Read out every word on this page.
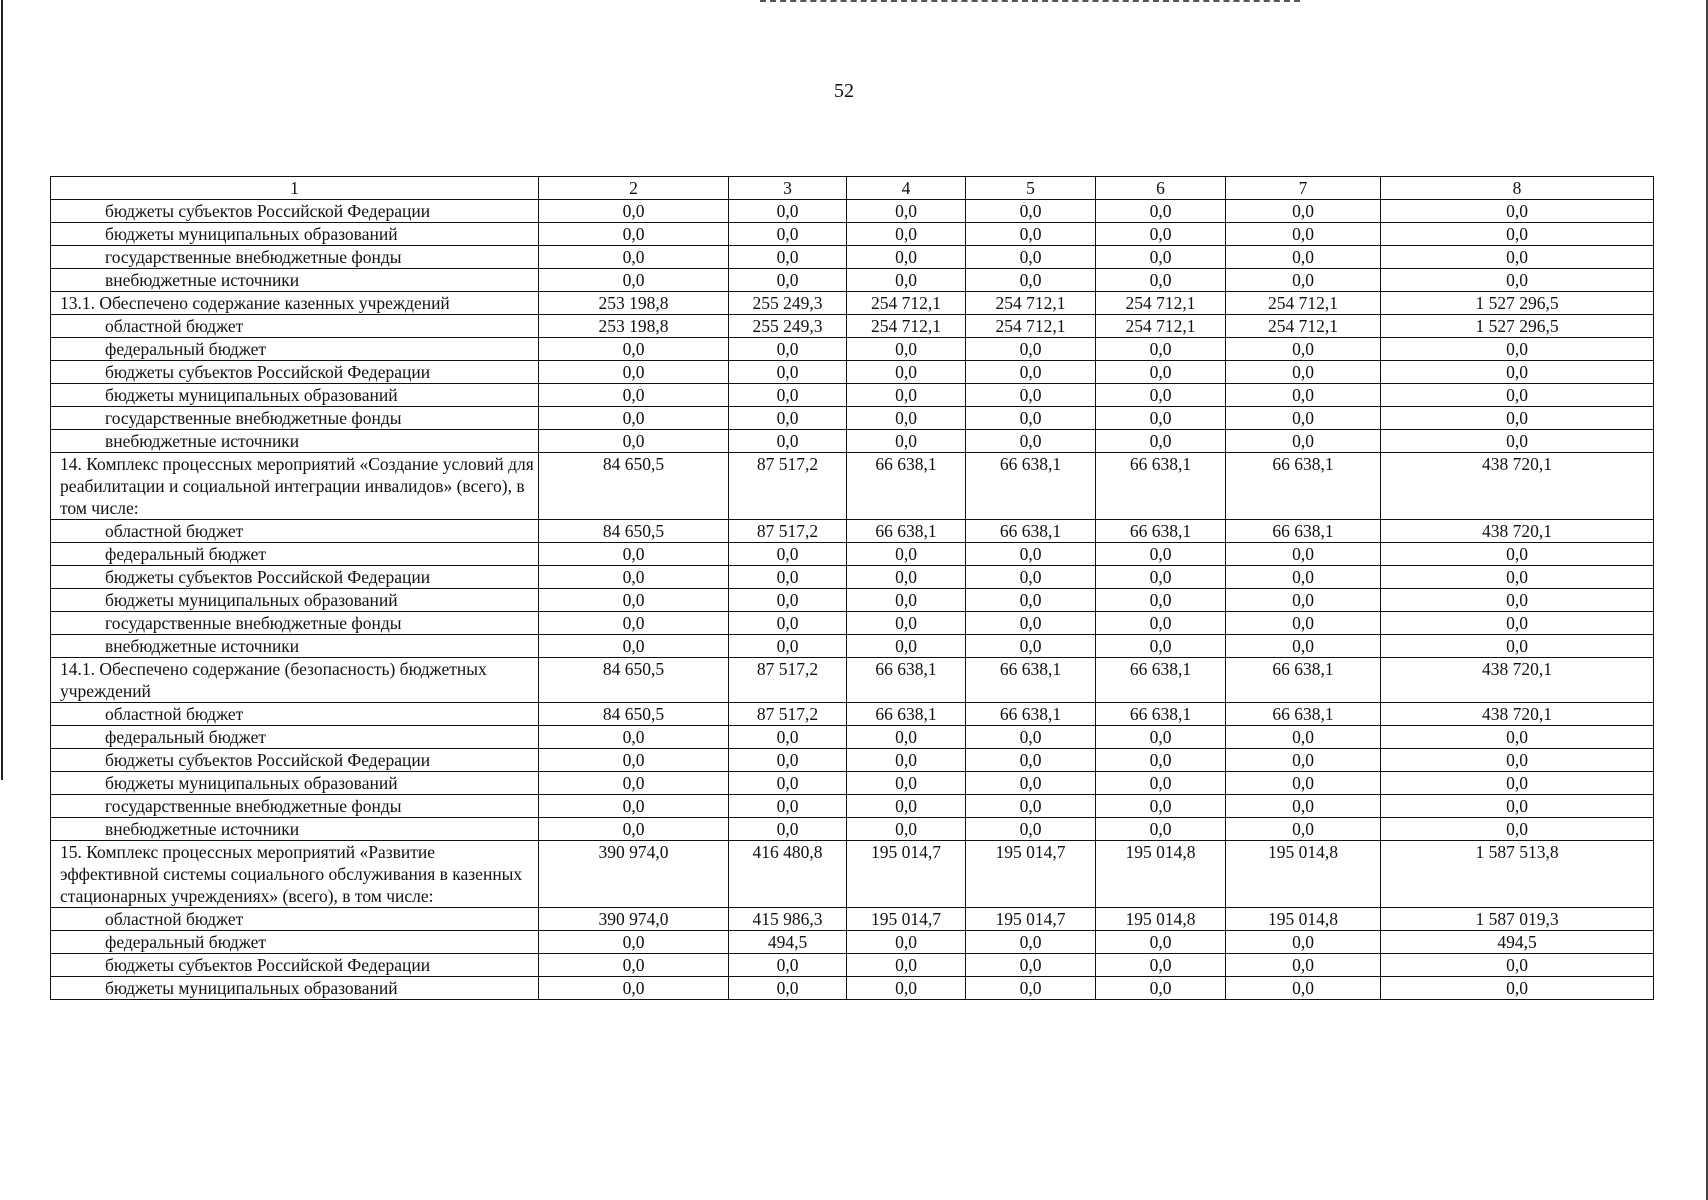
52
1	2	3	4	5	6	7	8
бюджеты субъектов Российской Федерации	0,0	0,0	0,0	0,0	0,0	0,0	0,0
бюджеты муниципальных образований	0,0	0,0	0,0	0,0	0,0	0,0	0,0
государственные внебюджетные фонды	0,0	0,0	0,0	0,0	0,0	0,0	0,0
внебюджетные источники	0,0	0,0	0,0	0,0	0,0	0,0	0,0
13.1. Обеспечено содержание казенных учреждений	253 198,8	255 249,3	254 712,1	254 712,1	254 712,1	254 712,1	1 527 296,5
областной бюджет	253 198,8	255 249,3	254 712,1	254 712,1	254 712,1	254 712,1	1 527 296,5
федеральный бюджет	0,0	0,0	0,0	0,0	0,0	0,0	0,0
бюджеты субъектов Российской Федерации	0,0	0,0	0,0	0,0	0,0	0,0	0,0
бюджеты муниципальных образований	0,0	0,0	0,0	0,0	0,0	0,0	0,0
государственные внебюджетные фонды	0,0	0,0	0,0	0,0	0,0	0,0	0,0
внебюджетные источники	0,0	0,0	0,0	0,0	0,0	0,0	0,0
14. Комплекс процессных мероприятий «Создание условий для реабилитации и социальной интеграции инвалидов» (всего), в том числе:	84 650,5	87 517,2	66 638,1	66 638,1	66 638,1	66 638,1	438 720,1
областной бюджет	84 650,5	87 517,2	66 638,1	66 638,1	66 638,1	66 638,1	438 720,1
федеральный бюджет	0,0	0,0	0,0	0,0	0,0	0,0	0,0
бюджеты субъектов Российской Федерации	0,0	0,0	0,0	0,0	0,0	0,0	0,0
бюджеты муниципальных образований	0,0	0,0	0,0	0,0	0,0	0,0	0,0
государственные внебюджетные фонды	0,0	0,0	0,0	0,0	0,0	0,0	0,0
внебюджетные источники	0,0	0,0	0,0	0,0	0,0	0,0	0,0
14.1. Обеспечено содержание (безопасность) бюджетных учреждений	84 650,5	87 517,2	66 638,1	66 638,1	66 638,1	66 638,1	438 720,1
областной бюджет	84 650,5	87 517,2	66 638,1	66 638,1	66 638,1	66 638,1	438 720,1
федеральный бюджет	0,0	0,0	0,0	0,0	0,0	0,0	0,0
бюджеты субъектов Российской Федерации	0,0	0,0	0,0	0,0	0,0	0,0	0,0
бюджеты муниципальных образований	0,0	0,0	0,0	0,0	0,0	0,0	0,0
государственные внебюджетные фонды	0,0	0,0	0,0	0,0	0,0	0,0	0,0
внебюджетные источники	0,0	0,0	0,0	0,0	0,0	0,0	0,0
15. Комплекс процессных мероприятий «Развитие эффективной системы социального обслуживания в казенных стационарных учреждениях» (всего), в том числе:	390 974,0	416 480,8	195 014,7	195 014,7	195 014,8	195 014,8	1 587 513,8
областной бюджет	390 974,0	415 986,3	195 014,7	195 014,7	195 014,8	195 014,8	1 587 019,3
федеральный бюджет	0,0	494,5	0,0	0,0	0,0	0,0	494,5
бюджеты субъектов Российской Федерации	0,0	0,0	0,0	0,0	0,0	0,0	0,0
бюджеты муниципальных образований	0,0	0,0	0,0	0,0	0,0	0,0	0,0
